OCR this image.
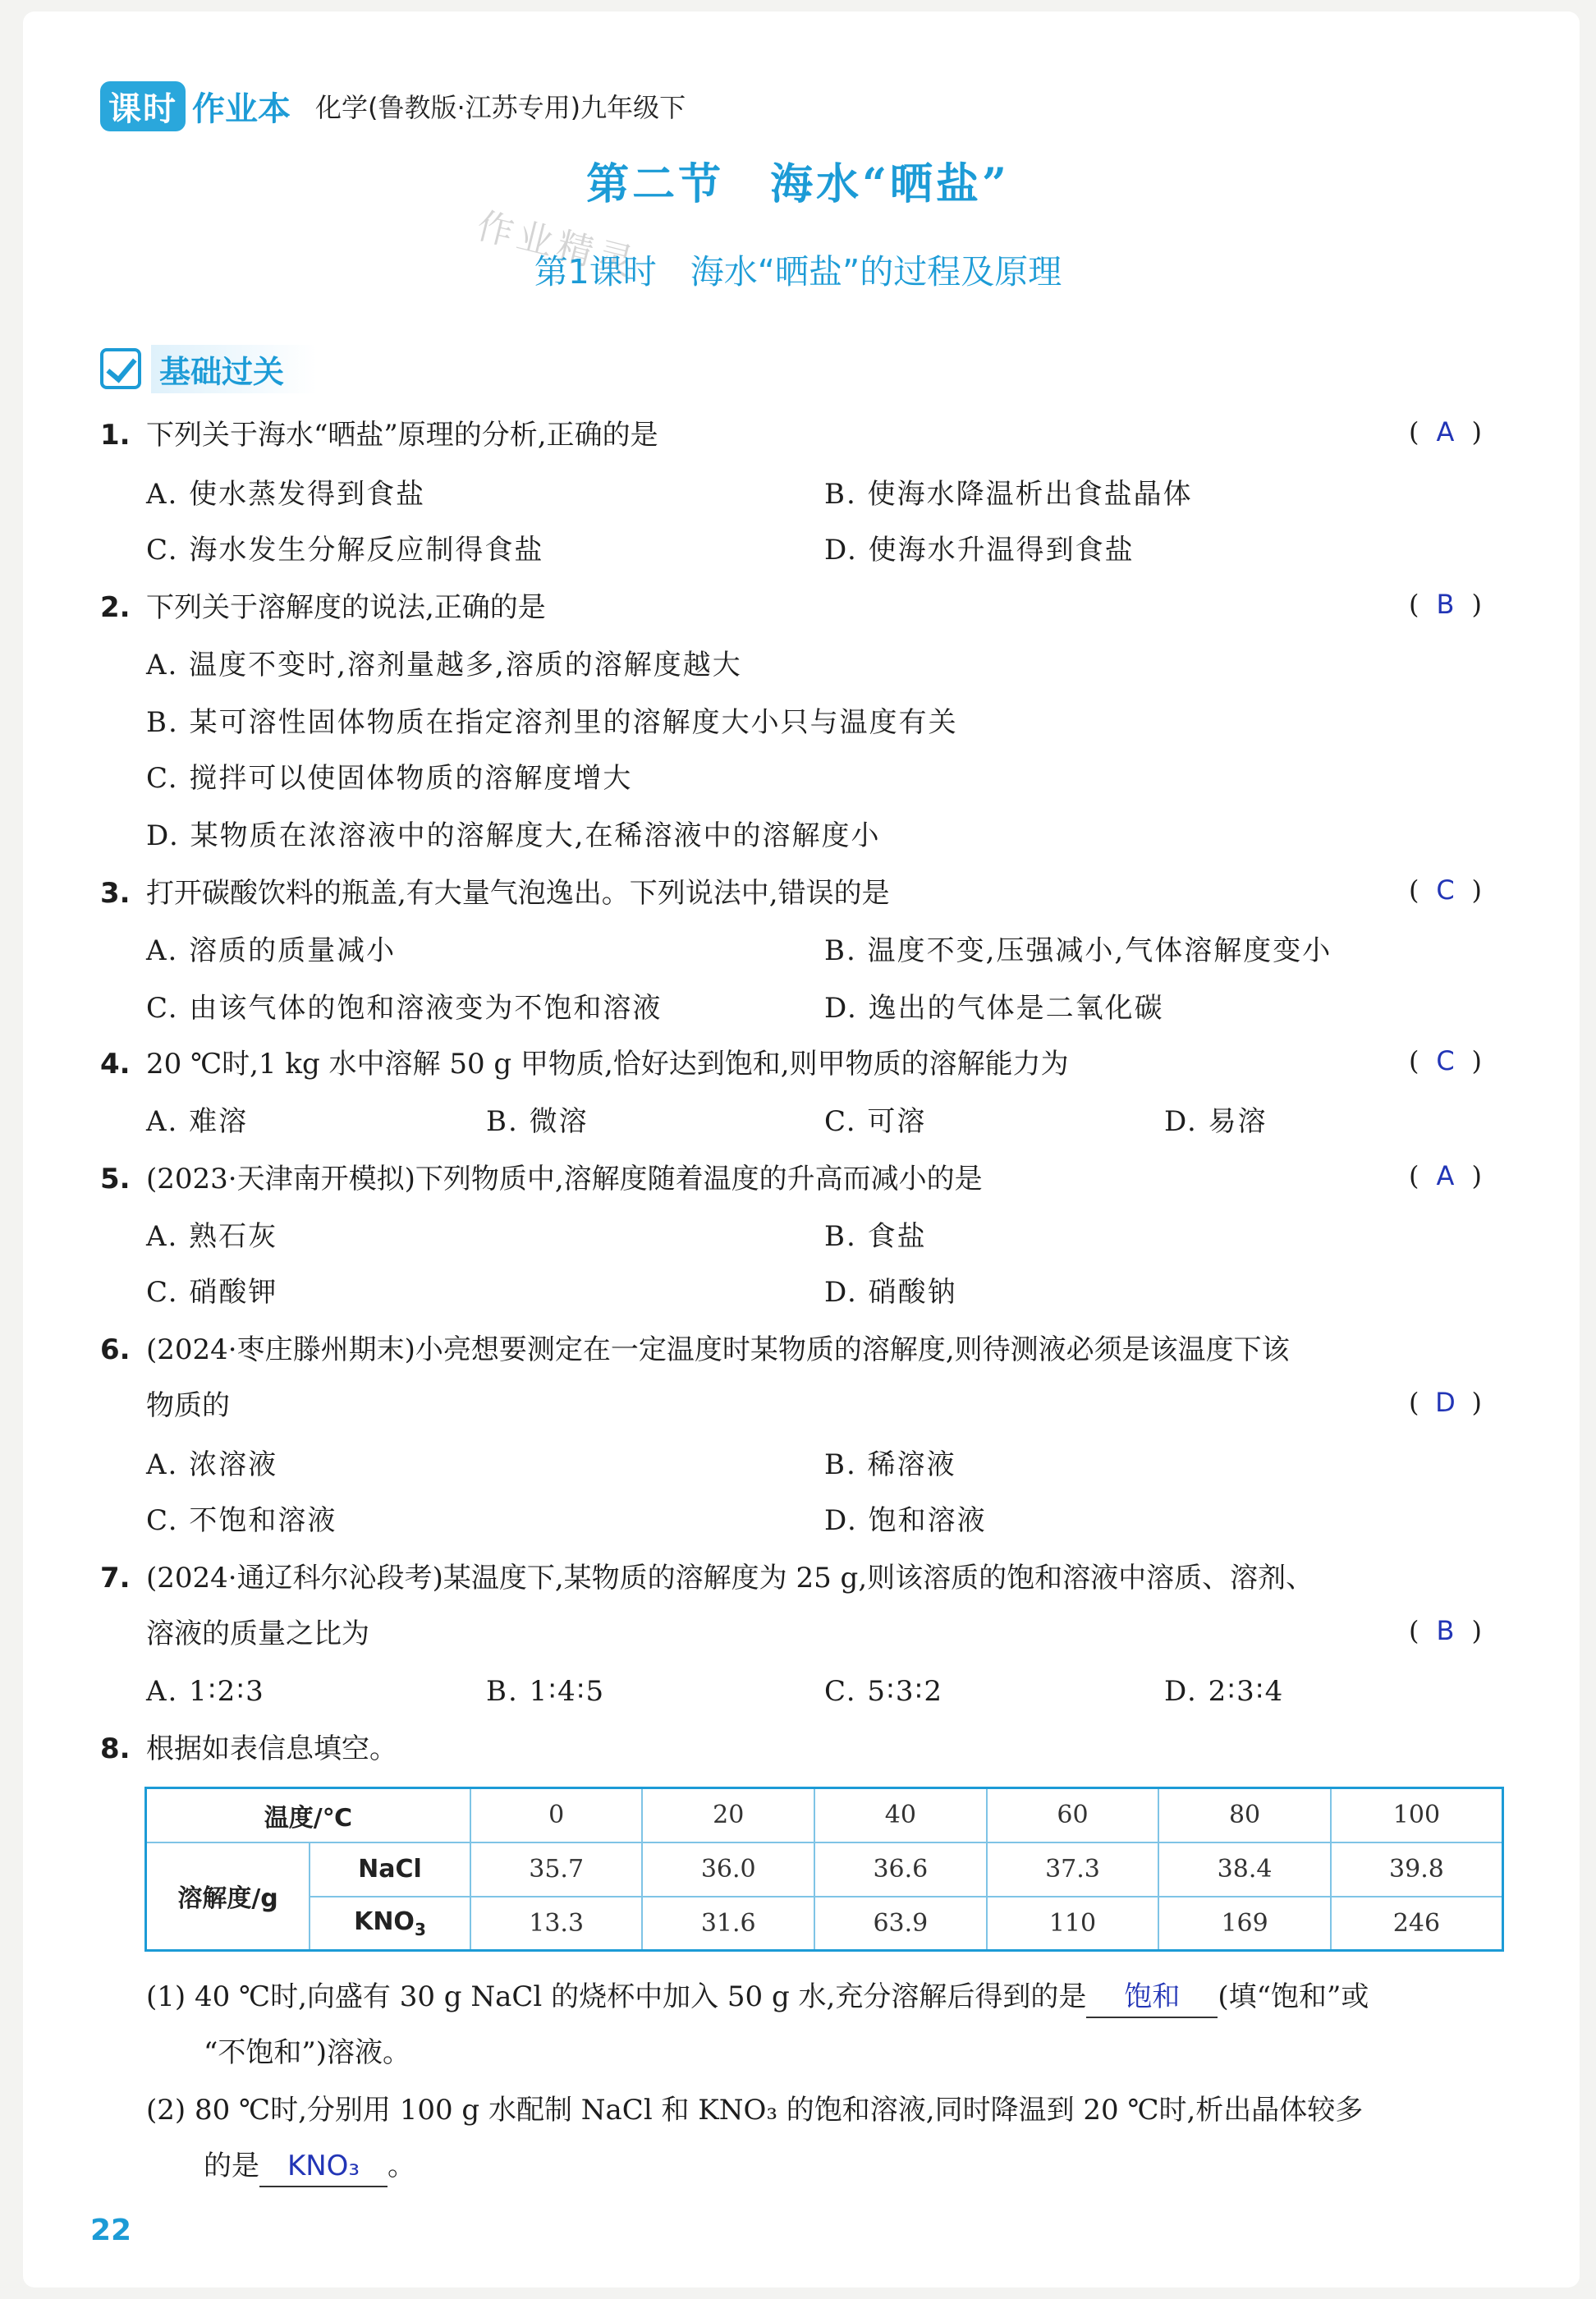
课时 作业本 化学(鲁教版·江苏专用)九年级下
第二节　海水“晒盐”
作业精灵
第1课时　海水“晒盐”的过程及原理
基础过关
1. 下列关于海水“晒盐”原理的分析,正确的是	( A )
A. 使水蒸发得到食盐	B. 使海水降温析出食盐晶体
C. 海水发生分解反应制得食盐	D. 使海水升温得到食盐
2. 下列关于溶解度的说法,正确的是	( B )
A. 温度不变时,溶剂量越多,溶质的溶解度越大
B. 某可溶性固体物质在指定溶剂里的溶解度大小只与温度有关
C. 搅拌可以使固体物质的溶解度增大
D. 某物质在浓溶液中的溶解度大,在稀溶液中的溶解度小
3. 打开碳酸饮料的瓶盖,有大量气泡逸出。下列说法中,错误的是	( C )
A. 溶质的质量减小	B. 温度不变,压强减小,气体溶解度变小
C. 由该气体的饱和溶液变为不饱和溶液	D. 逸出的气体是二氧化碳
4. 20 ℃时,1 kg 水中溶解 50 g 甲物质,恰好达到饱和,则甲物质的溶解能力为	( C )
A. 难溶	B. 微溶	C. 可溶	D. 易溶
5. (2023·天津南开模拟)下列物质中,溶解度随着温度的升高而减小的是	( A )
A. 熟石灰	B. 食盐
C. 硝酸钾	D. 硝酸钠
6. (2024·枣庄滕州期末)小亮想要测定在一定温度时某物质的溶解度,则待测液必须是该温度下该
物质的	( D )
A. 浓溶液	B. 稀溶液
C. 不饱和溶液	D. 饱和溶液
7. (2024·通辽科尔沁段考)某温度下,某物质的溶解度为 25 g,则该溶质的饱和溶液中溶质、溶剂、
溶液的质量之比为	( B )
A. 1∶2∶3	B. 1∶4∶5	C. 5∶3∶2	D. 2∶3∶4
8. 根据如表信息填空。
温度/℃		0	20	40	60	80	100
溶解度/g	NaCl	35.7	36.0	36.6	37.3	38.4	39.8
	$KNO_3$	13.3	31.6	63.9	110	169	246
(1) 40 ℃时,向盛有 30 g NaCl 的烧杯中加入 50 g 水,充分溶解后得到的是 饱和 (填“饱和”或
“不饱和”)溶液。
(2) 80 ℃时,分别用 100 g 水配制 NaCl 和 KNO₃ 的饱和溶液,同时降温到 20 ℃时,析出晶体较多
的是 KNO₃ 。
22
